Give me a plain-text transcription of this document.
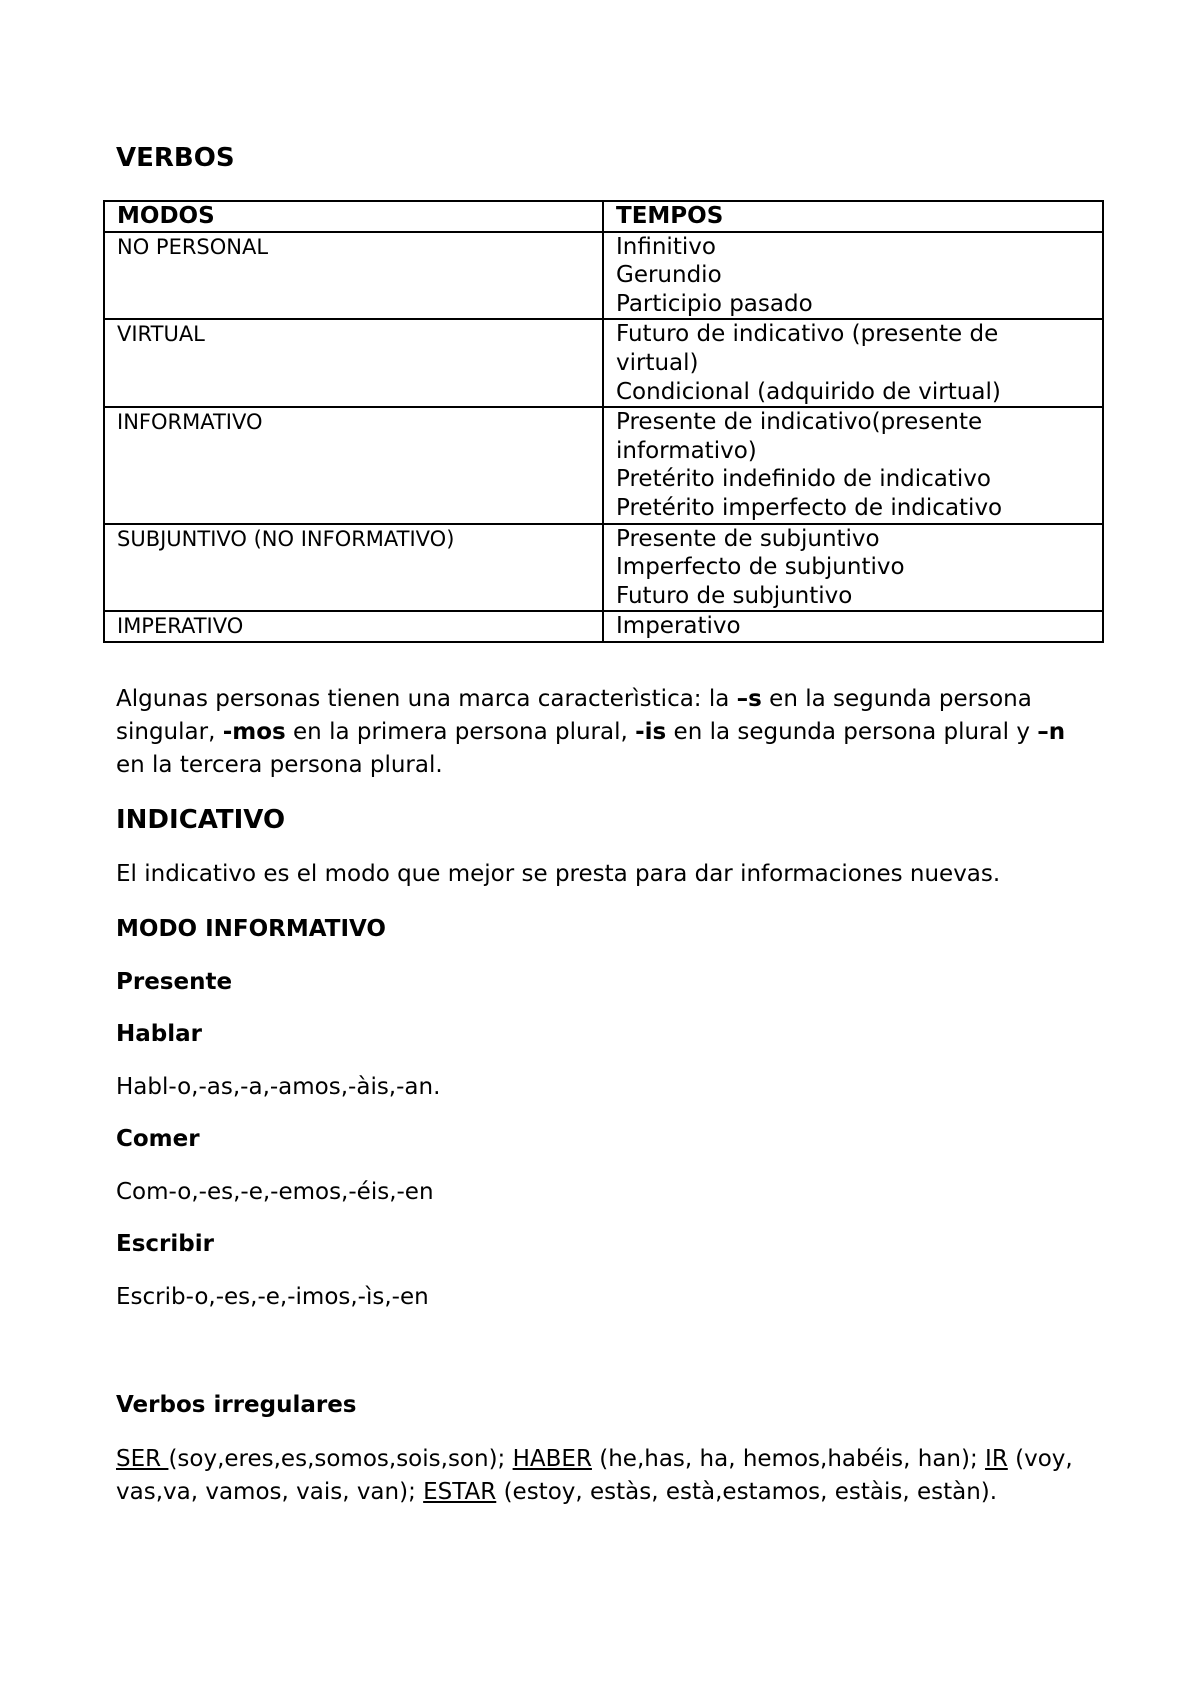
VERBOS
MODOS	TEMPOS
NO PERSONAL	Infinitivo
Gerundio
Participio pasado

VIRTUAL	Futuro de indicativo (presente de
virtual)
Condicional (adquirido de virtual)

INFORMATIVO	Presente de indicativo(presente
informativo)
Pretérito indefinido de indicativo
Pretérito imperfecto de indicativo

SUBJUNTIVO (NO INFORMATIVO)	Presente de subjuntivo
Imperfecto de subjuntivo
Futuro de subjuntivo

IMPERATIVO	Imperativo

Algunas personas tienen una marca caracterìstica: la –s en la segunda persona singular, -mos en la primera persona plural, -is en la segunda persona plural y –n en la tercera persona plural.

INDICATIVO

El indicativo es el modo que mejor se presta para dar informaciones nuevas.

MODO INFORMATIVO

Presente

Hablar

Habl-o,-as,-a,-amos,-àis,-an.

Comer

Com-o,-es,-e,-emos,-éis,-en

Escribir

Escrib-o,-es,-e,-imos,-ìs,-en

Verbos irregulares

SER (soy,eres,es,somos,sois,son); HABER (he,has, ha, hemos,habéis, han); IR (voy, vas,va, vamos, vais, van); ESTAR (estoy, estàs, està,estamos, estàis, estàn).
